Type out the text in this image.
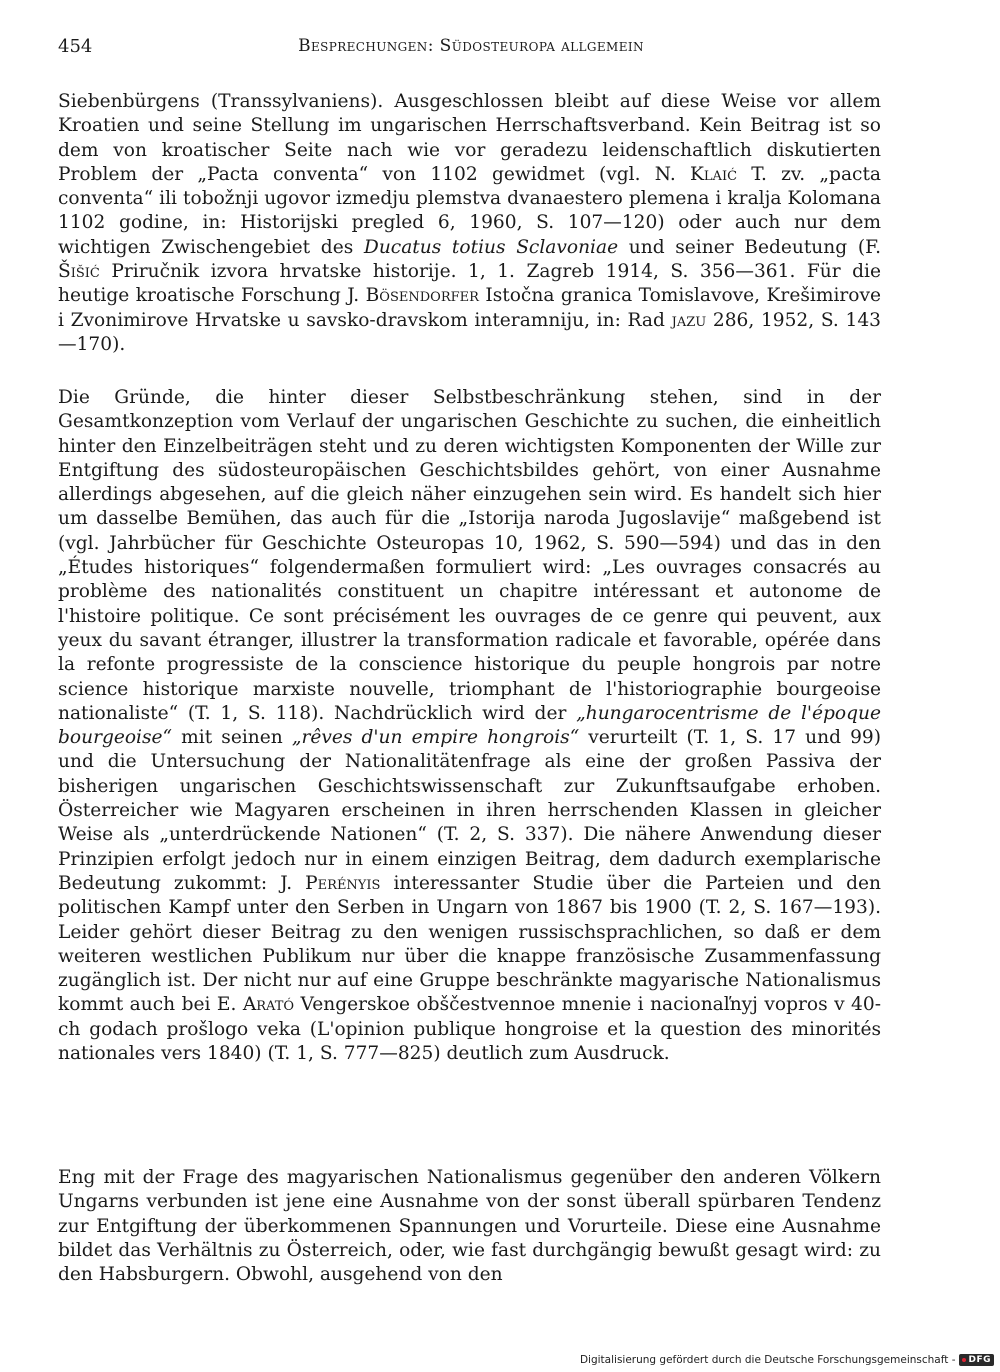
454	Besprechungen: Südosteuropa allgemein
Siebenbürgens (Transsylvaniens). Ausgeschlossen bleibt auf diese Weise vor allem Kroatien und seine Stellung im ungarischen Herrschaftsverband. Kein Beitrag ist so dem von kroatischer Seite nach wie vor geradezu leidenschaftlich diskutierten Problem der „Pacta conventa“ von 1102 gewidmet (vgl. N. Klaić T. zv. „pacta conventa“ ili tobožnji ugovor izmedju plemstva dvanaestero plemena i kralja Kolomana 1102 godine, in: Historijski pregled 6, 1960, S. 107—120) oder auch nur dem wichtigen Zwischengebiet des Ducatus totius Sclavoniae und seiner Bedeutung (F. Šišić Priručnik izvora hrvatske historije. 1, 1. Zagreb 1914, S. 356—361. Für die heutige kroatische Forschung J. Bösendorfer Istočna granica Tomislavove, Krešimirove i Zvonimirove Hrvatske u savsko-dravskom interamniju, in: Rad jazu 286, 1952, S. 143—170).
Die Gründe, die hinter dieser Selbstbeschränkung stehen, sind in der Gesamtkonzeption vom Verlauf der ungarischen Geschichte zu suchen, die einheitlich hinter den Einzelbeiträgen steht und zu deren wichtigsten Komponenten der Wille zur Entgiftung des südosteuropäischen Geschichtsbildes gehört, von einer Ausnahme allerdings abgesehen, auf die gleich näher einzugehen sein wird. Es handelt sich hier um dasselbe Bemühen, das auch für die „Istorija naroda Jugoslavije“ maßgebend ist (vgl. Jahrbücher für Geschichte Osteuropas 10, 1962, S. 590—594) und das in den „Études historiques“ folgendermaßen formuliert wird: „Les ouvrages consacrés au problème des nationalités constituent un chapitre intéressant et autonome de l'histoire politique. Ce sont précisément les ouvrages de ce genre qui peuvent, aux yeux du savant étranger, illustrer la transformation radicale et favorable, opérée dans la refonte progressiste de la conscience historique du peuple hongrois par notre science historique marxiste nouvelle, triomphant de l'historiographie bourgeoise nationaliste“ (T. 1, S. 118). Nachdrücklich wird der „hungarocentrisme de l'époque bourgeoise“ mit seinen „rêves d'un empire hongrois“ verurteilt (T. 1, S. 17 und 99) und die Untersuchung der Nationalitätenfrage als eine der großen Passiva der bisherigen ungarischen Geschichtswissenschaft zur Zukunftsaufgabe erhoben. Österreicher wie Magyaren erscheinen in ihren herrschenden Klassen in gleicher Weise als „unterdrückende Nationen“ (T. 2, S. 337). Die nähere Anwendung dieser Prinzipien erfolgt jedoch nur in einem einzigen Beitrag, dem dadurch exemplarische Bedeutung zukommt: J. Perényis interessanter Studie über die Parteien und den politischen Kampf unter den Serben in Ungarn von 1867 bis 1900 (T. 2, S. 167—193). Leider gehört dieser Beitrag zu den wenigen russischsprachlichen, so daß er dem weiteren westlichen Publikum nur über die knappe französische Zusammenfassung zugänglich ist. Der nicht nur auf eine Gruppe beschränkte magyarische Nationalismus kommt auch bei E. Arató Vengerskoe obščestvennoe mnenie i nacionaľnyj vopros v 40-ch godach prošlogo veka (L'opinion publique hongroise et la question des minorités nationales vers 1840) (T. 1, S. 777—825) deutlich zum Ausdruck.
Eng mit der Frage des magyarischen Nationalismus gegenüber den anderen Völkern Ungarns verbunden ist jene eine Ausnahme von der sonst überall spürbaren Tendenz zur Entgiftung der überkommenen Spannungen und Vorurteile. Diese eine Ausnahme bildet das Verhältnis zu Österreich, oder, wie fast durchgängig bewußt gesagt wird: zu den Habsburgern. Obwohl, ausgehend von den
Digitalisierung gefördert durch die Deutsche Forschungsgemeinschaft -	DFG
